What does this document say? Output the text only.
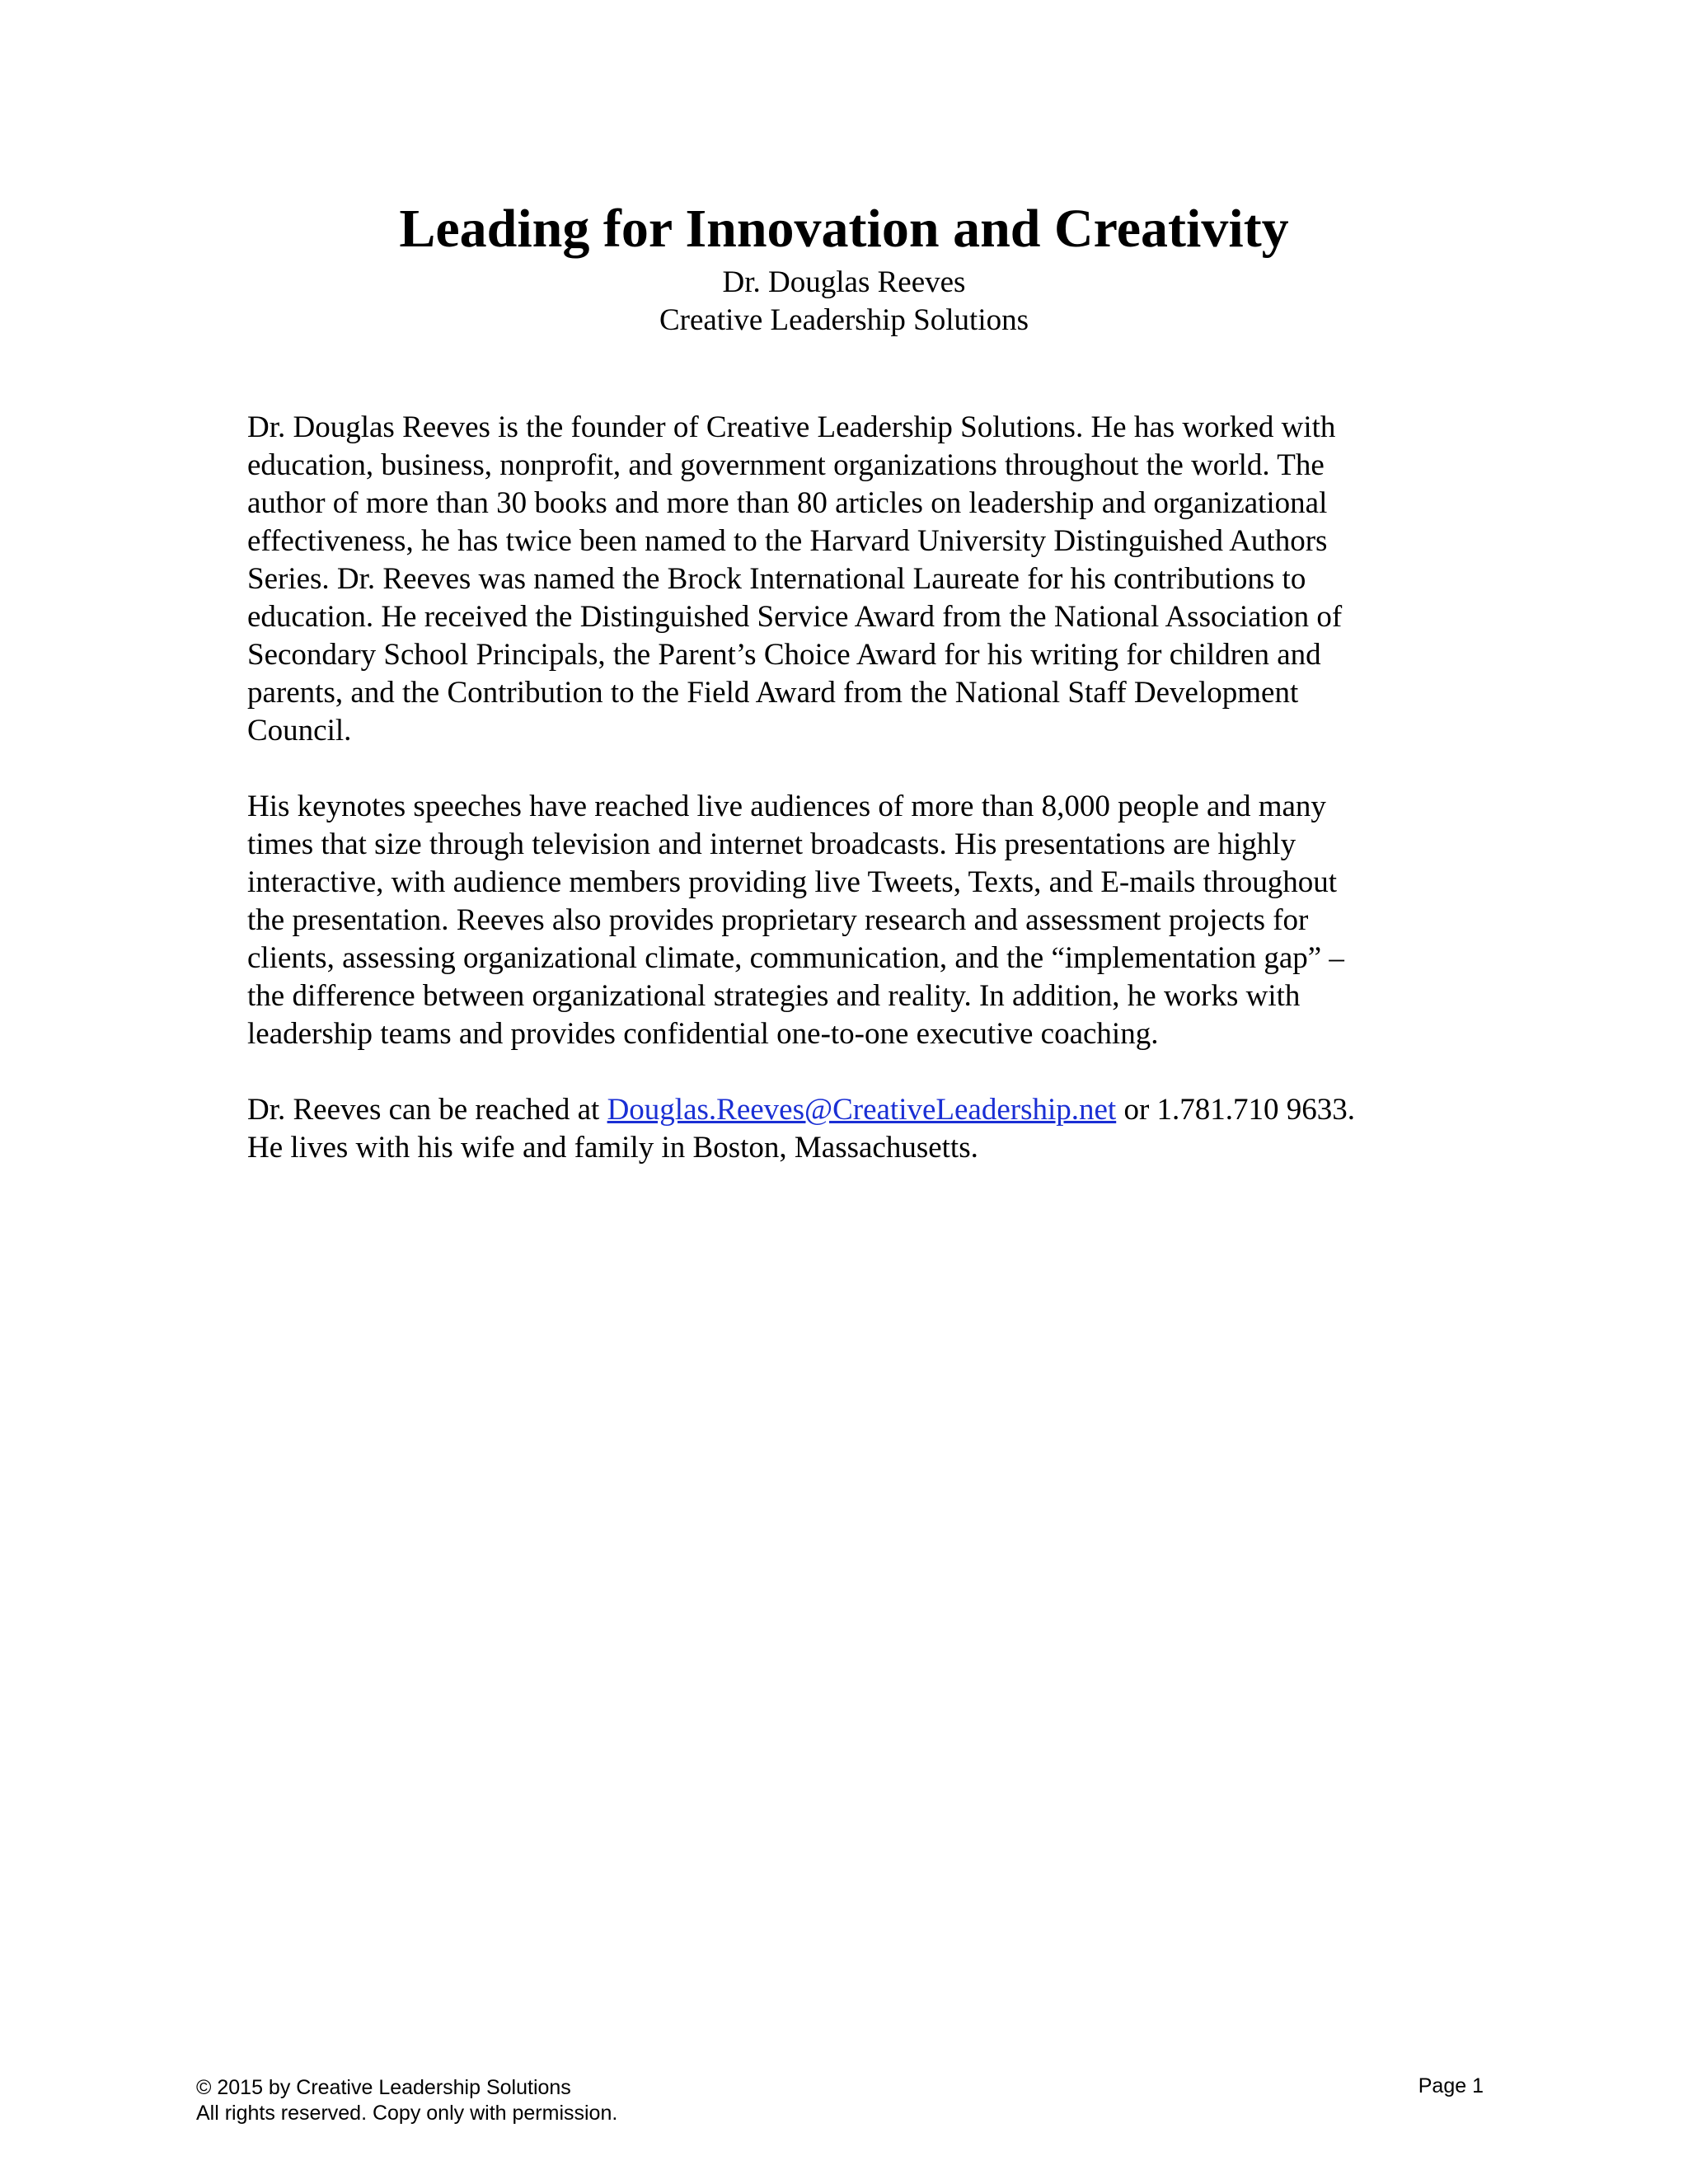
Leading for Innovation and Creativity

Dr. Douglas Reeves

Creative Leadership Solutions

Dr. Douglas Reeves is the founder of Creative Leadership Solutions. He has worked with
education, business, nonprofit, and government organizations throughout the world. The
author of more than 30 books and more than 80 articles on leadership and organizational
effectiveness, he has twice been named to the Harvard University Distinguished Authors
Series. Dr. Reeves was named the Brock International Laureate for his contributions to
education. He received the Distinguished Service Award from the National Association of
Secondary School Principals, the Parent’s Choice Award for his writing for children and
parents, and the Contribution to the Field Award from the National Staff Development
Council.

His keynotes speeches have reached live audiences of more than 8,000 people and many
times that size through television and internet broadcasts. His presentations are highly
interactive, with audience members providing live Tweets, Texts, and E-mails throughout
the presentation. Reeves also provides proprietary research and assessment projects for
clients, assessing organizational climate, communication, and the “implementation gap” –
the difference between organizational strategies and reality. In addition, he works with
leadership teams and provides confidential one-to-one executive coaching.

Dr. Reeves can be reached at Douglas.Reeves@CreativeLeadership.net or 1.781.710 9633.
He lives with his wife and family in Boston, Massachusetts.

© 2015 by Creative Leadership Solutions
All rights reserved. Copy only with permission.
Page 1
